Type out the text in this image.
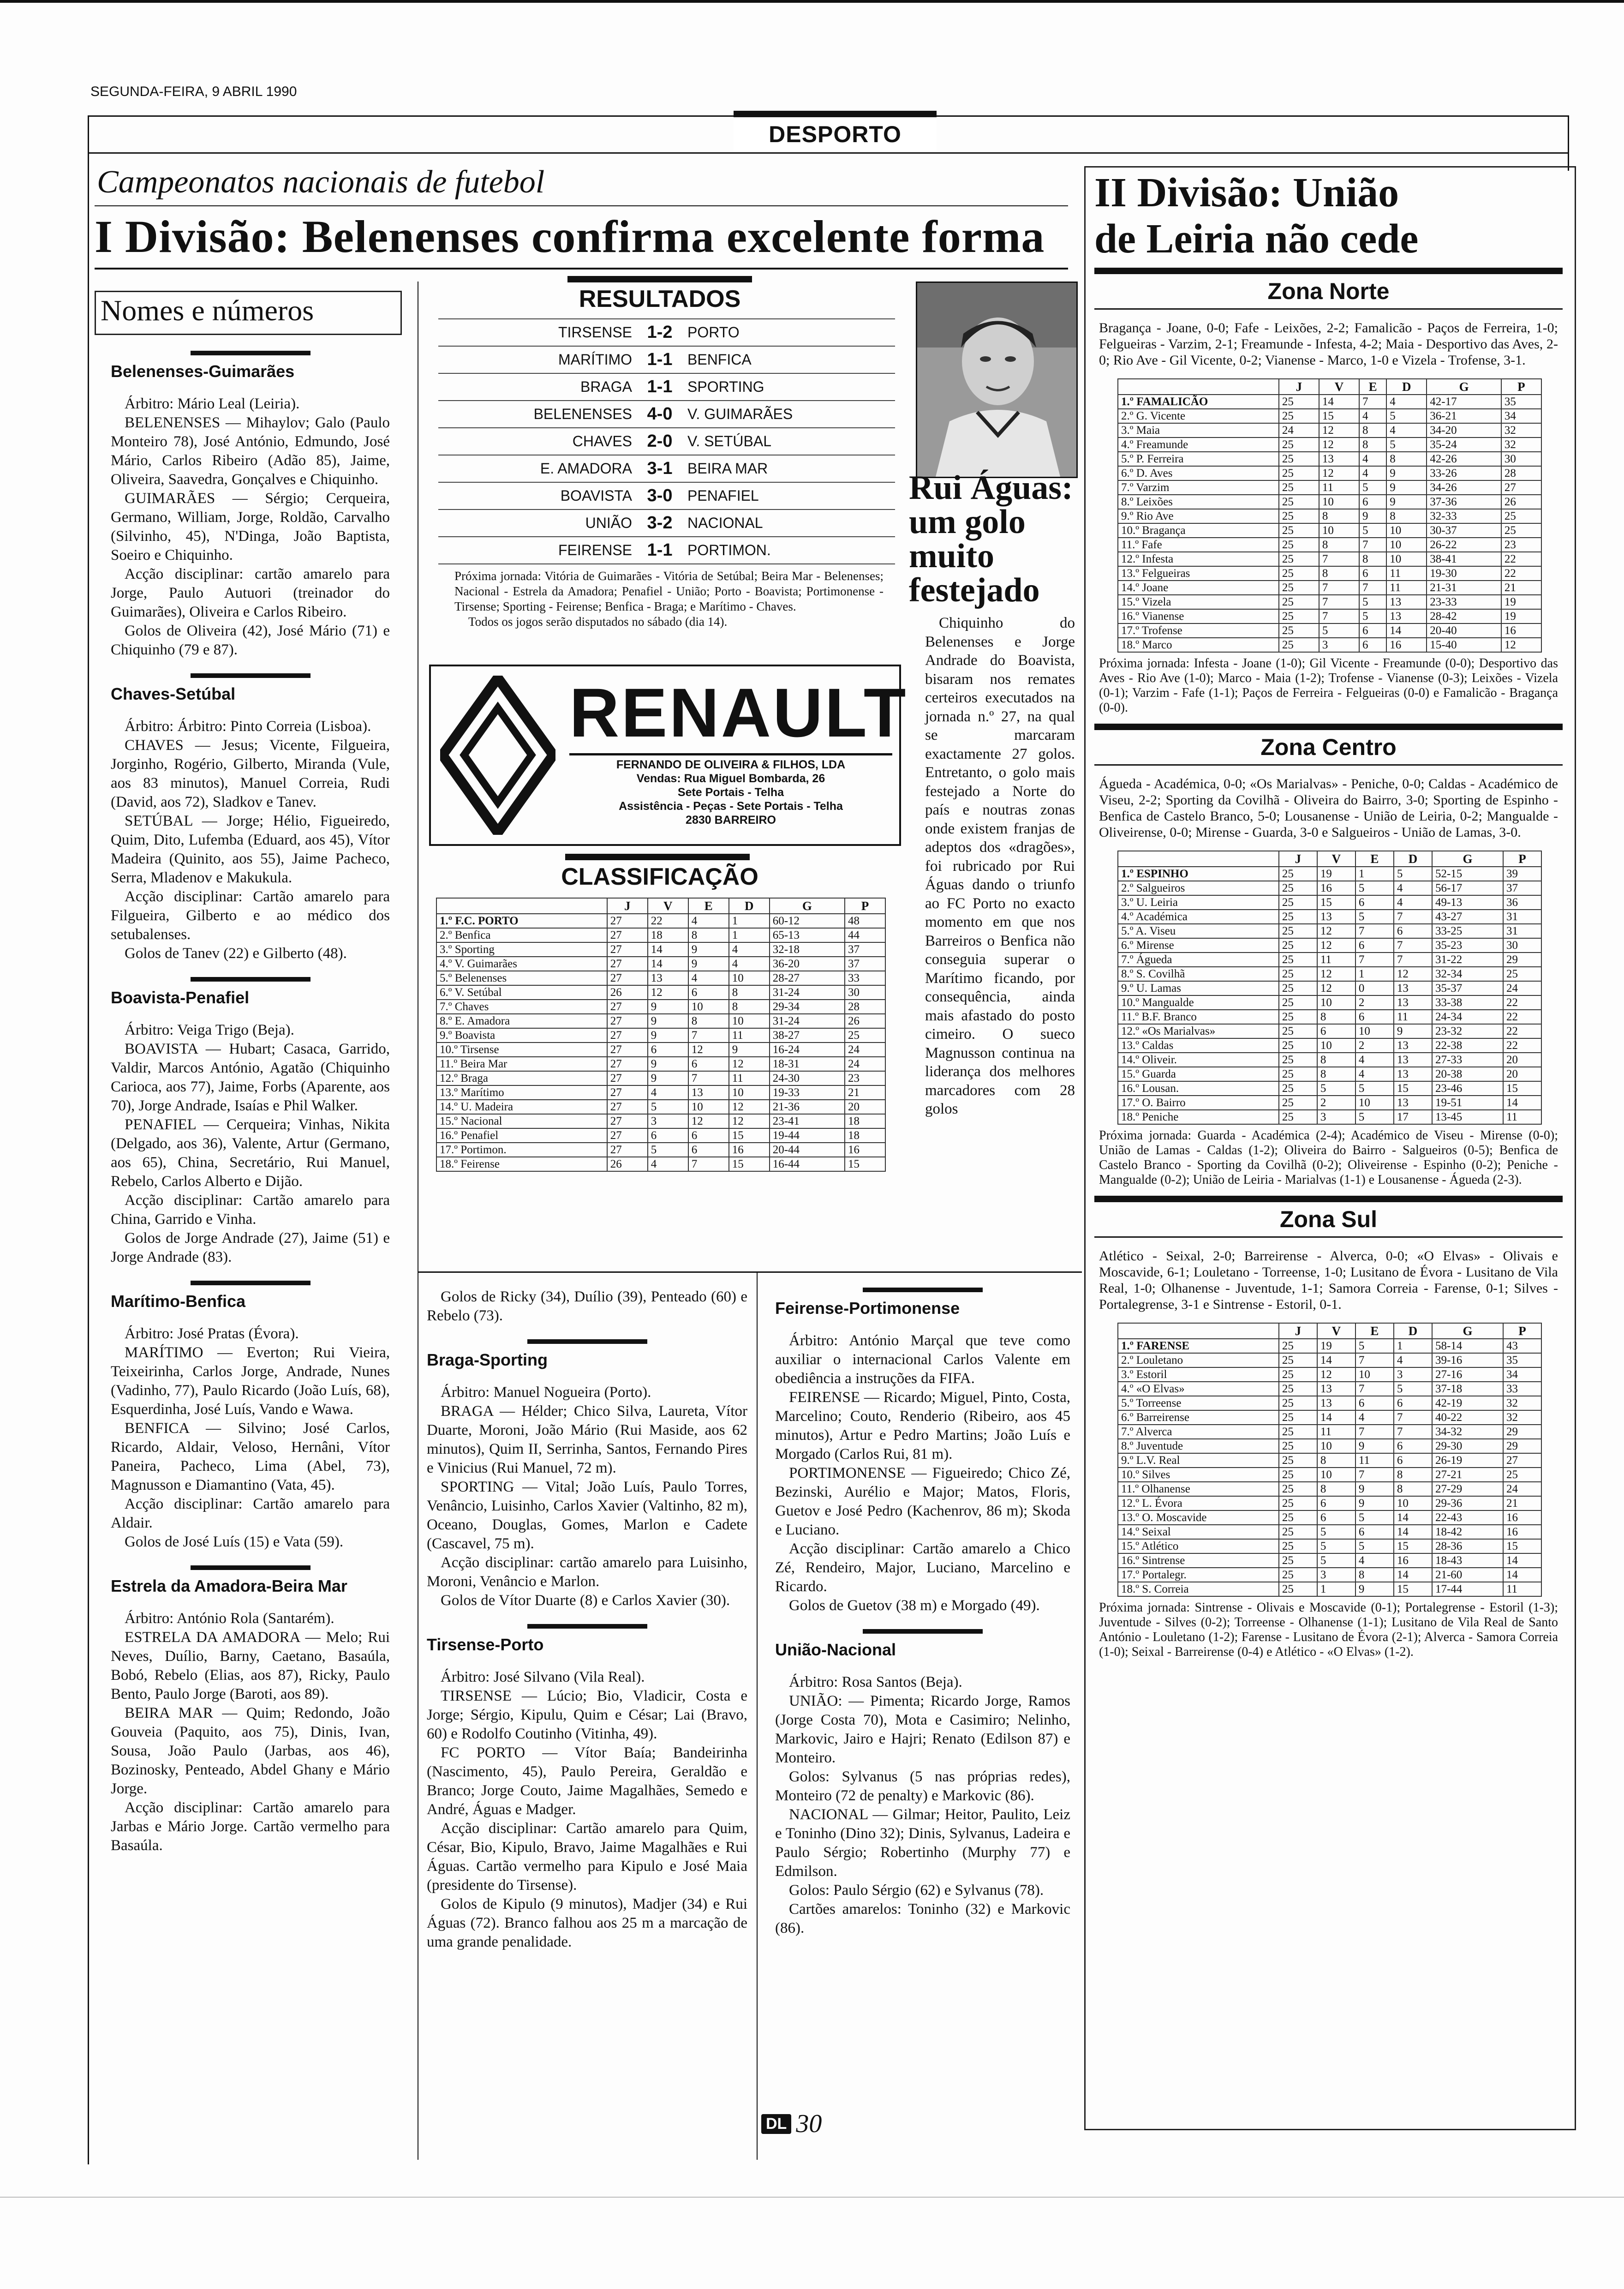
SEGUNDA-FEIRA, 9 ABRIL 1990
DESPORTO
Campeonatos nacionais de futebol
I Divisão: Belenenses confirma excelente forma
II Divisão: União
de Leiria não cede
Nomes e números
Belenenses-Guimarães

Árbitro: Mário Leal (Leiria).

BELENENSES — Mihaylov; Galo (Paulo Monteiro 78), José António, Edmundo, José Mário, Carlos Ribeiro (Adão 85), Jaime, Oliveira, Saavedra, Gonçalves e Chiquinho.

GUIMARÃES — Sérgio; Cerqueira, Germano, William, Jorge, Roldão, Carvalho (Silvinho, 45), N'Dinga, João Baptista, Soeiro e Chiquinho.

Acção disciplinar: cartão amarelo para Jorge, Paulo Autuori (treinador do Guimarães), Oliveira e Carlos Ribeiro.

Golos de Oliveira (42), José Mário (71) e Chiquinho (79 e 87).

Chaves-Setúbal

Árbitro: Árbitro: Pinto Correia (Lisboa).

CHAVES — Jesus; Vicente, Filgueira, Jorginho, Rogério, Gilberto, Miranda (Vule, aos 83 minutos), Manuel Correia, Rudi (David, aos 72), Sladkov e Tanev.

SETÚBAL — Jorge; Hélio, Figueiredo, Quim, Dito, Lufemba (Eduard, aos 45), Vítor Madeira (Quinito, aos 55), Jaime Pacheco, Serra, Mladenov e Makukula.

Acção disciplinar: Cartão amarelo para Filgueira, Gilberto e ao médico dos setubalenses.

Golos de Tanev (22) e Gilberto (48).

Boavista-Penafiel

Árbitro: Veiga Trigo (Beja).

BOAVISTA — Hubart; Casaca, Garrido, Valdir, Marcos António, Agatão (Chiquinho Carioca, aos 77), Jaime, Forbs (Aparente, aos 70), Jorge Andrade, Isaías e Phil Walker.

PENAFIEL — Cerqueira; Vinhas, Nikita (Delgado, aos 36), Valente, Artur (Germano, aos 65), China, Secretário, Rui Manuel, Rebelo, Carlos Alberto e Dijão.

Acção disciplinar: Cartão amarelo para China, Garrido e Vinha.

Golos de Jorge Andrade (27), Jaime (51) e Jorge Andrade (83).

Marítimo-Benfica

Árbitro: José Pratas (Évora).

MARÍTIMO — Everton; Rui Vieira, Teixeirinha, Carlos Jorge, Andrade, Nunes (Vadinho, 77), Paulo Ricardo (João Luís, 68), Esquerdinha, José Luís, Vando e Wawa.

BENFICA — Silvino; José Carlos, Ricardo, Aldair, Veloso, Hernâni, Vítor Paneira, Pacheco, Lima (Abel, 73), Magnusson e Diamantino (Vata, 45).

Acção disciplinar: Cartão amarelo para Aldair.

Golos de José Luís (15) e Vata (59).

Estrela da Amadora-Beira Mar

Árbitro: António Rola (Santarém).

ESTRELA DA AMADORA — Melo; Rui Neves, Duílio, Barny, Caetano, Basaúla, Bobó, Rebelo (Elias, aos 87), Ricky, Paulo Bento, Paulo Jorge (Baroti, aos 89).

BEIRA MAR — Quim; Redondo, João Gouveia (Paquito, aos 75), Dinis, Ivan, Sousa, João Paulo (Jarbas, aos 46), Bozinosky, Penteado, Abdel Ghany e Mário Jorge.

Acção disciplinar: Cartão amarelo para Jarbas e Mário Jorge. Cartão vermelho para Basaúla.

RESULTADOS
TIRSENSE 1-2	PORTO
MARÍTIMO 1-1	BENFICA
BRAGA 1-1	SPORTING
BELENENSES 4-0	V. GUIMARÃES
CHAVES 2-0	V. SETÚBAL
E. AMADORA 3-1	BEIRA MAR
BOAVISTA 3-0	PENAFIEL
UNIÃO 3-2	NACIONAL
FEIRENSE 1-1	PORTIMON.

Próxima jornada: Vitória de Guimarães - Vitória de Setúbal; Beira Mar - Belenenses; Nacional - Estrela da Amadora; Penafiel - União; Porto - Boavista; Portimonense - Tirsense; Sporting - Feirense; Benfica - Braga; e Marítimo - Chaves.

Todos os jogos serão disputados no sábado (dia 14).

RENAULT
FERNANDO DE OLIVEIRA & FILHOS, LDA
Vendas: Rua Miguel Bombarda, 26
Sete Portais - Telha
Assistência - Peças - Sete Portais - Telha
2830 BARREIRO
CLASSIFICAÇÃO
	J	V	E	D	G	P
1.º F.C. PORTO	27	22	4	1	60-12	48
2.º Benfica	27	18	8	1	65-13	44
3.º Sporting	27	14	9	4	32-18	37
4.º V. Guimarães	27	14	9	4	36-20	37
5.º Belenenses	27	13	4	10	28-27	33
6.º V. Setúbal	26	12	6	8	31-24	30
7.º Chaves	27	9	10	8	29-34	28
8.º E. Amadora	27	9	8	10	31-24	26
9.º Boavista	27	9	7	11	38-27	25
10.º Tirsense	27	6	12	9	16-24	24
11.º Beira Mar	27	9	6	12	18-31	24
12.º Braga	27	9	7	11	24-30	23
13.º Marítimo	27	4	13	10	19-33	21
14.º U. Madeira	27	5	10	12	21-36	20
15.º Nacional	27	3	12	12	23-41	18
16.º Penafiel	27	6	6	15	19-44	18
17.º Portimon.	27	5	6	16	20-44	16
18.º Feirense	26	4	7	15	16-44	15
Rui Águas: um golo muito festejado

Chiquinho do Belenenses e Jorge Andrade do Boavista, bisaram nos remates certeiros executados na jornada n.º 27, na qual se marcaram exactamente 27 golos. Entretanto, o golo mais festejado a Norte do país e noutras zonas onde existem franjas de adeptos dos «dragões», foi rubricado por Rui Águas dando o triunfo ao FC Porto no exacto momento em que nos Barreiros o Benfica não conseguia superar o Marítimo ficando, por consequência, ainda mais afastado do posto cimeiro. O sueco Magnusson continua na liderança dos melhores marcadores com 28 golos

Golos de Ricky (34), Duílio (39), Penteado (60) e Rebelo (73).

Braga-Sporting

Árbitro: Manuel Nogueira (Porto).

BRAGA — Hélder; Chico Silva, Laureta, Vítor Duarte, Moroni, João Mário (Rui Maside, aos 62 minutos), Quim II, Serrinha, Santos, Fernando Pires e Vinicius (Rui Manuel, 72 m).

SPORTING — Vital; João Luís, Paulo Torres, Venâncio, Luisinho, Carlos Xavier (Valtinho, 82 m), Oceano, Douglas, Gomes, Marlon e Cadete (Cascavel, 75 m).

Acção disciplinar: cartão amarelo para Luisinho, Moroni, Venâncio e Marlon.

Golos de Vítor Duarte (8) e Carlos Xavier (30).

Tirsense-Porto

Árbitro: José Silvano (Vila Real).

TIRSENSE — Lúcio; Bio, Vladicir, Costa e Jorge; Sérgio, Kipulu, Quim e César; Lai (Bravo, 60) e Rodolfo Coutinho (Vitinha, 49).

FC PORTO — Vítor Baía; Bandeirinha (Nascimento, 45), Paulo Pereira, Geraldão e Branco; Jorge Couto, Jaime Magalhães, Semedo e André, Águas e Madger.

Acção disciplinar: Cartão amarelo para Quim, César, Bio, Kipulo, Bravo, Jaime Magalhães e Rui Águas. Cartão vermelho para Kipulo e José Maia (presidente do Tirsense).

Golos de Kipulo (9 minutos), Madjer (34) e Rui Águas (72). Branco falhou aos 25 m a marcação de uma grande penalidade.

Feirense-Portimonense

Árbitro: António Marçal que teve como auxiliar o internacional Carlos Valente em obediência a instruções da FIFA.

FEIRENSE — Ricardo; Miguel, Pinto, Costa, Marcelino; Couto, Renderio (Ribeiro, aos 45 minutos), Artur e Pedro Martins; João Luís e Morgado (Carlos Rui, 81 m).

PORTIMONENSE — Figueiredo; Chico Zé, Bezinski, Aurélio e Major; Matos, Floris, Guetov e José Pedro (Kachenrov, 86 m); Skoda e Luciano.

Acção disciplinar: Cartão amarelo a Chico Zé, Rendeiro, Major, Luciano, Marcelino e Ricardo.

Golos de Guetov (38 m) e Morgado (49).

União-Nacional

Árbitro: Rosa Santos (Beja).

UNIÃO: — Pimenta; Ricardo Jorge, Ramos (Jorge Costa 70), Mota e Casimiro; Nelinho, Markovic, Jairo e Hajri; Renato (Edilson 87) e Monteiro.

Golos: Sylvanus (5 nas próprias redes), Monteiro (72 de penalty) e Markovic (86).

NACIONAL — Gilmar; Heitor, Paulito, Leiz e Toninho (Dino 32); Dinis, Sylvanus, Ladeira e Paulo Sérgio; Robertinho (Murphy 77) e Edmilson.

Golos: Paulo Sérgio (62) e Sylvanus (78).

Cartões amarelos: Toninho (32) e Markovic (86).

Zona Norte

Bragança - Joane, 0-0; Fafe - Leixões, 2-2; Famalicão - Paços de Ferreira, 1-0; Felgueiras - Varzim, 2-1; Freamunde - Infesta, 4-2; Maia - Desportivo das Aves, 2-0; Rio Ave - Gil Vicente, 0-2; Vianense - Marco, 1-0 e Vizela - Trofense, 3-1.

	J	V	E	D	G	P
1.º FAMALICÃO	25	14	7	4	42-17	35
2.º G. Vicente	25	15	4	5	36-21	34
3.º Maia	24	12	8	4	34-20	32
4.º Freamunde	25	12	8	5	35-24	32
5.º P. Ferreira	25	13	4	8	42-26	30
6.º D. Aves	25	12	4	9	33-26	28
7.º Varzim	25	11	5	9	34-26	27
8.º Leixões	25	10	6	9	37-36	26
9.º Rio Ave	25	8	9	8	32-33	25
10.º Bragança	25	10	5	10	30-37	25
11.º Fafe	25	8	7	10	26-22	23
12.º Infesta	25	7	8	10	38-41	22
13.º Felgueiras	25	8	6	11	19-30	22
14.º Joane	25	7	7	11	21-31	21
15.º Vizela	25	7	5	13	23-33	19
16.º Vianense	25	7	5	13	28-42	19
17.º Trofense	25	5	6	14	20-40	16
18.º Marco	25	3	6	16	15-40	12

Próxima jornada: Infesta - Joane (1-0); Gil Vicente - Freamunde (0-0); Desportivo das Aves - Rio Ave (1-0); Marco - Maia (1-2); Trofense - Vianense (0-3); Leixões - Vizela (0-1); Varzim - Fafe (1-1); Paços de Ferreira - Felgueiras (0-0) e Famalicão - Bragança (0-0).

Zona Centro

Águeda - Académica, 0-0; «Os Marialvas» - Peniche, 0-0; Caldas - Académico de Viseu, 2-2; Sporting da Covilhã - Oliveira do Bairro, 3-0; Sporting de Espinho - Benfica de Castelo Branco, 5-0; Lousanense - União de Leiria, 0-2; Mangualde - Oliveirense, 0-0; Mirense - Guarda, 3-0 e Salgueiros - União de Lamas, 3-0.

	J	V	E	D	G	P
1.º ESPINHO	25	19	1	5	52-15	39
2.º Salgueiros	25	16	5	4	56-17	37
3.º U. Leiria	25	15	6	4	49-13	36
4.º Académica	25	13	5	7	43-27	31
5.º A. Viseu	25	12	7	6	33-25	31
6.º Mirense	25	12	6	7	35-23	30
7.º Águeda	25	11	7	7	31-22	29
8.º S. Covilhã	25	12	1	12	32-34	25
9.º U. Lamas	25	12	0	13	35-37	24
10.º Mangualde	25	10	2	13	33-38	22
11.º B.F. Branco	25	8	6	11	24-34	22
12.º «Os Marialvas»	25	6	10	9	23-32	22
13.º Caldas	25	10	2	13	22-38	22
14.º Oliveir.	25	8	4	13	27-33	20
15.º Guarda	25	8	4	13	20-38	20
16.º Lousan.	25	5	5	15	23-46	15
17.º O. Bairro	25	2	10	13	19-51	14
18.º Peniche	25	3	5	17	13-45	11

Próxima jornada: Guarda - Académica (2-4); Académico de Viseu - Mirense (0-0); União de Lamas - Caldas (1-2); Oliveira do Bairro - Salgueiros (0-5); Benfica de Castelo Branco - Sporting da Covilhã (0-2); Oliveirense - Espinho (0-2); Peniche - Mangualde (0-2); União de Leiria - Marialvas (1-1) e Lousanense - Águeda (2-3).

Zona Sul

Atlético - Seixal, 2-0; Barreirense - Alverca, 0-0; «O Elvas» - Olivais e Moscavide, 6-1; Louletano - Torreense, 1-0; Lusitano de Évora - Lusitano de Vila Real, 1-0; Olhanense - Juventude, 1-1; Samora Correia - Farense, 0-1; Silves - Portalegrense, 3-1 e Sintrense - Estoril, 0-1.

	J	V	E	D	G	P
1.º FARENSE	25	19	5	1	58-14	43
2.º Louletano	25	14	7	4	39-16	35
3.º Estoril	25	12	10	3	27-16	34
4.º «O Elvas»	25	13	7	5	37-18	33
5.º Torreense	25	13	6	6	42-19	32
6.º Barreirense	25	14	4	7	40-22	32
7.º Alverca	25	11	7	7	34-32	29
8.º Juventude	25	10	9	6	29-30	29
9.º L.V. Real	25	8	11	6	26-19	27
10.º Silves	25	10	7	8	27-21	25
11.º Olhanense	25	8	9	8	27-29	24
12.º L. Évora	25	6	9	10	29-36	21
13.º O. Moscavide	25	6	5	14	22-43	16
14.º Seixal	25	5	6	14	18-42	16
15.º Atlético	25	5	5	15	28-36	15
16.º Sintrense	25	5	4	16	18-43	14
17.º Portalegr.	25	3	8	14	21-60	14
18.º S. Correia	25	1	9	15	17-44	11

Próxima jornada: Sintrense - Olivais e Moscavide (0-1); Portalegrense - Estoril (1-3); Juventude - Silves (0-2); Torreense - Olhanense (1-1); Lusitano de Vila Real de Santo António - Louletano (1-2); Farense - Lusitano de Évora (2-1); Alverca - Samora Correia (1-0); Seixal - Barreirense (0-4) e Atlético - «O Elvas» (1-2).

DL 30
